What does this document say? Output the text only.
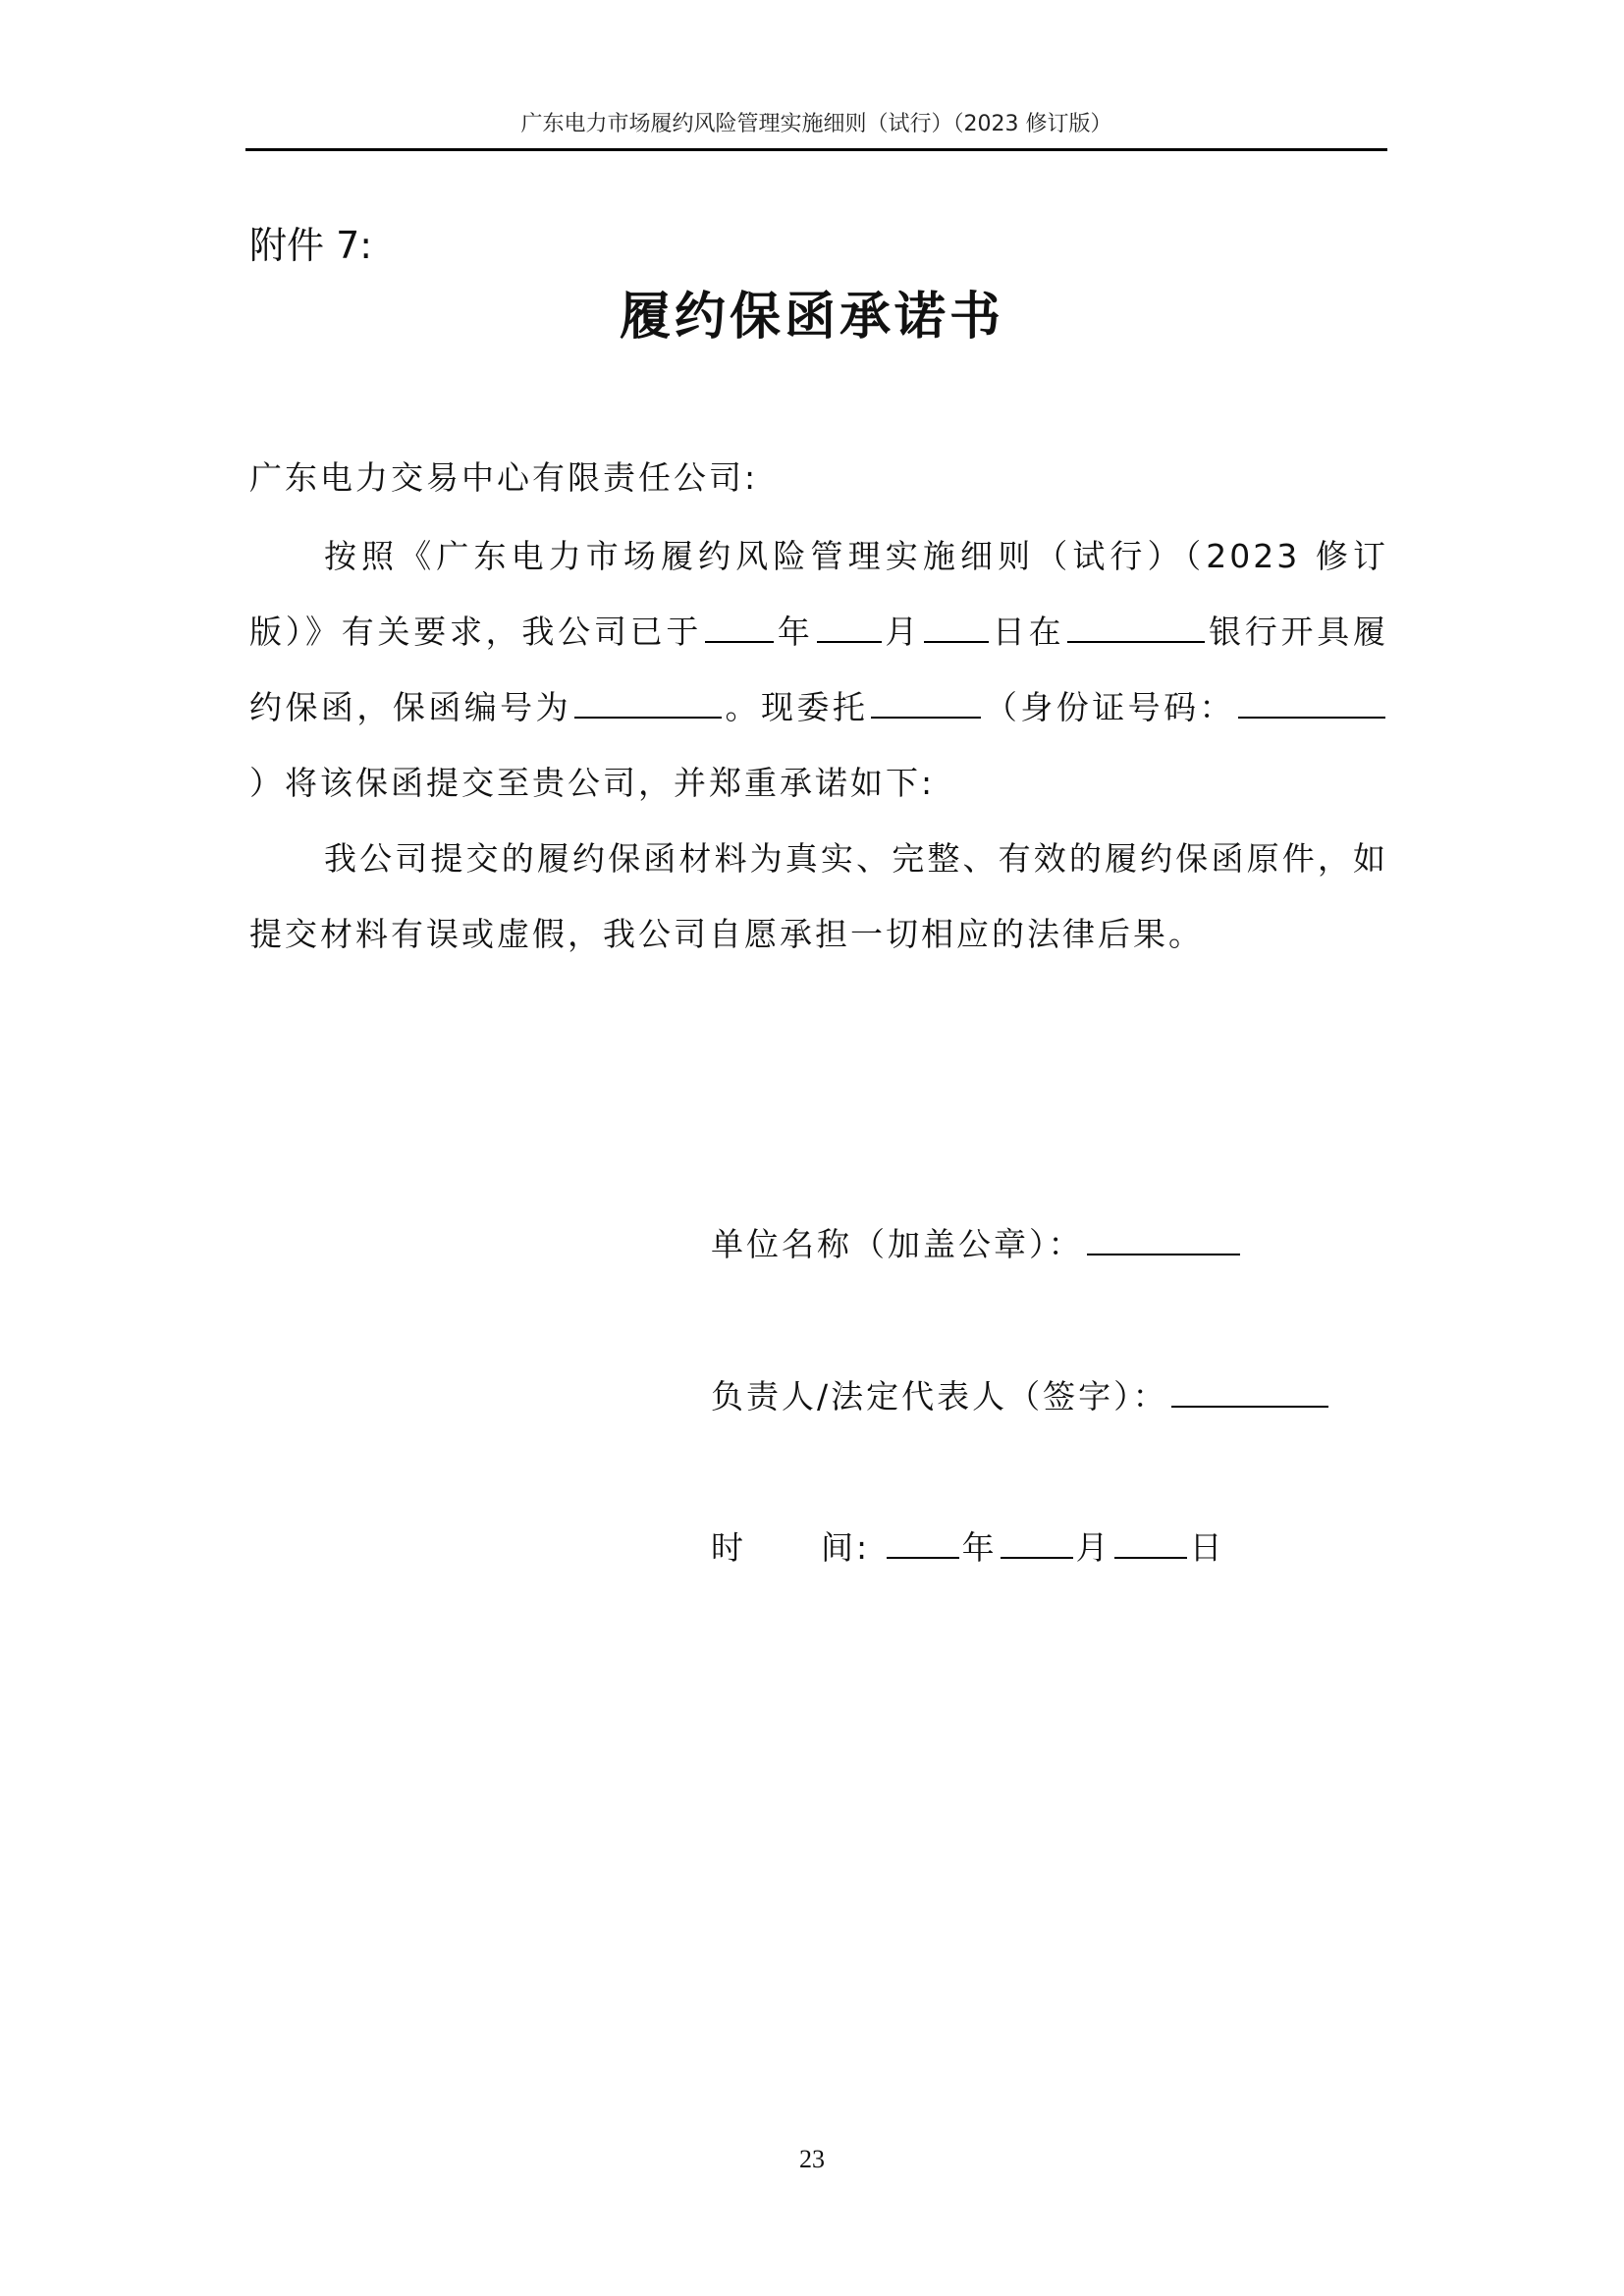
广东电力市场履约风险管理实施细则（试行）（2023 修订版）
附件 7:
履约保函承诺书
广东电力交易中心有限责任公司:
按照《广东电力市场履约风险管理实施细则（试行）（2023 修订版）》有关要求，我公司已于 年 月 日在	银行开具履约保函，保函编号为	。现委托	（身份证号码：）将该保函提交至贵公司，并郑重承诺如下:
我公司提交的履约保函材料为真实、完整、有效的履约保函原件，如提交材料有误或虚假，我公司自愿承担一切相应的法律后果。
单位名称（加盖公章）：
负责人/法定代表人（签字）：
时 间:	年 月 日
23
